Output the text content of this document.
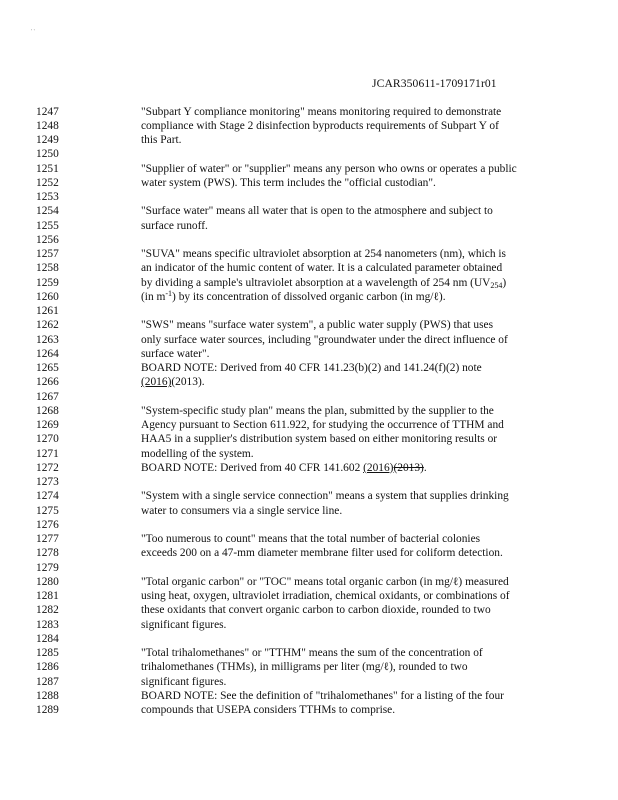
' '
JCAR350611-1709171r01
1247	"Subpart Y compliance monitoring" means monitoring required to demonstrate
1248	compliance with Stage 2 disinfection byproducts requirements of Subpart Y of
1249	this Part.
1250
1251	"Supplier of water" or "supplier" means any person who owns or operates a public
1252	water system (PWS). This term includes the "official custodian".
1253
1254	"Surface water" means all water that is open to the atmosphere and subject to
1255	surface runoff.
1256
1257	"SUVA" means specific ultraviolet absorption at 254 nanometers (nm), which is
1258	an indicator of the humic content of water. It is a calculated parameter obtained
1259	by dividing a sample's ultraviolet absorption at a wavelength of 254 nm $(UV_{254})$
1260	(in $m^{-1}$) by its concentration of dissolved organic carbon (in mg/ℓ).
1261
1262	"SWS" means "surface water system", a public water supply (PWS) that uses
1263	only surface water sources, including "groundwater under the direct influence of
1264	surface water".
1265	BOARD NOTE: Derived from 40 CFR 141.23(b)(2) and 141.24(f)(2) note
1266	(2016)(2013).
1267
1268	"System-specific study plan" means the plan, submitted by the supplier to the
1269	Agency pursuant to Section 611.922, for studying the occurrence of TTHM and
1270	HAA5 in a supplier's distribution system based on either monitoring results or
1271	modelling of the system.
1272	BOARD NOTE: Derived from 40 CFR 141.602 (2016)(2013).
1273
1274	"System with a single service connection" means a system that supplies drinking
1275	water to consumers via a single service line.
1276
1277	"Too numerous to count" means that the total number of bacterial colonies
1278	exceeds 200 on a 47-mm diameter membrane filter used for coliform detection.
1279
1280	"Total organic carbon" or "TOC" means total organic carbon (in mg/ℓ) measured
1281	using heat, oxygen, ultraviolet irradiation, chemical oxidants, or combinations of
1282	these oxidants that convert organic carbon to carbon dioxide, rounded to two
1283	significant figures.
1284
1285	"Total trihalomethanes" or "TTHM" means the sum of the concentration of
1286	trihalomethanes (THMs), in milligrams per liter (mg/ℓ), rounded to two
1287	significant figures.
1288	BOARD NOTE: See the definition of "trihalomethanes" for a listing of the four
1289	compounds that USEPA considers TTHMs to comprise.
